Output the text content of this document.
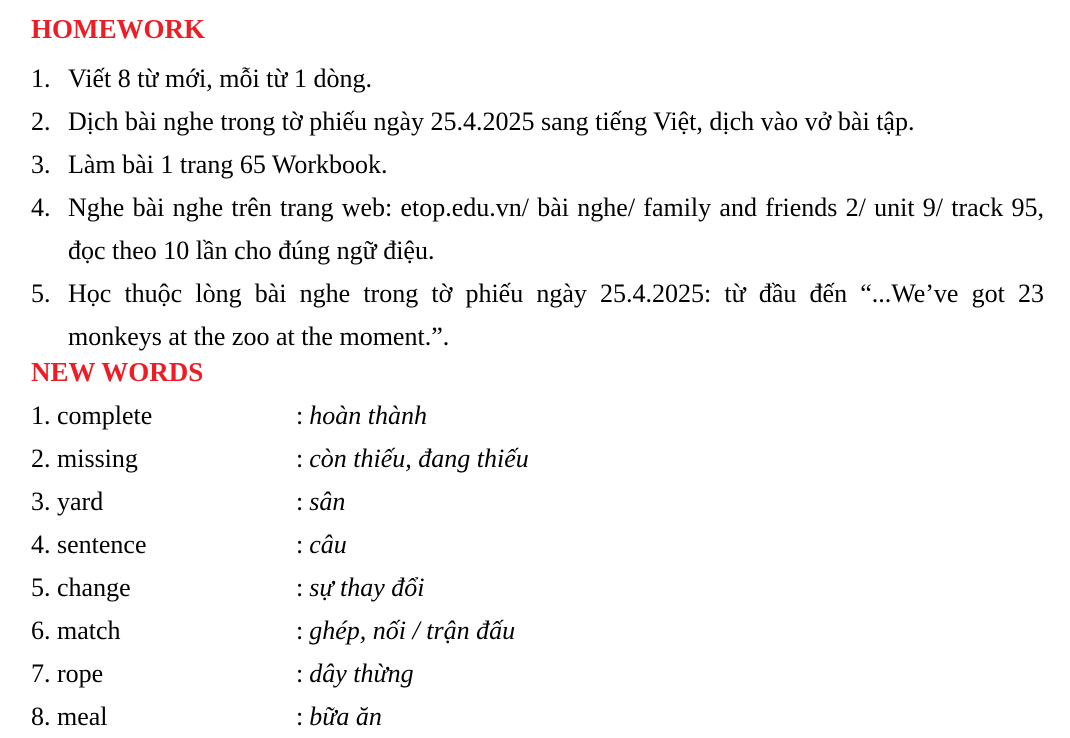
HOMEWORK
1. Viết 8 từ mới, mỗi từ 1 dòng.
2. Dịch bài nghe trong tờ phiếu ngày 25.4.2025 sang tiếng Việt, dịch vào vở bài tập.
3. Làm bài 1 trang 65 Workbook.
4. Nghe bài nghe trên trang web: etop.edu.vn/ bài nghe/ family and friends 2/ unit 9/ track 95, đọc theo 10 lần cho đúng ngữ điệu.
5. Học thuộc lòng bài nghe trong tờ phiếu ngày 25.4.2025: từ đầu đến “...We’ve got 23 monkeys at the zoo at the moment.”.
NEW WORDS
1. complete	: hoàn thành
2. missing	: còn thiếu, đang thiếu
3. yard	: sân
4. sentence	: câu
5. change	: sự thay đổi
6. match	: ghép, nối / trận đấu
7. rope	: dây thừng
8. meal	: bữa ăn
